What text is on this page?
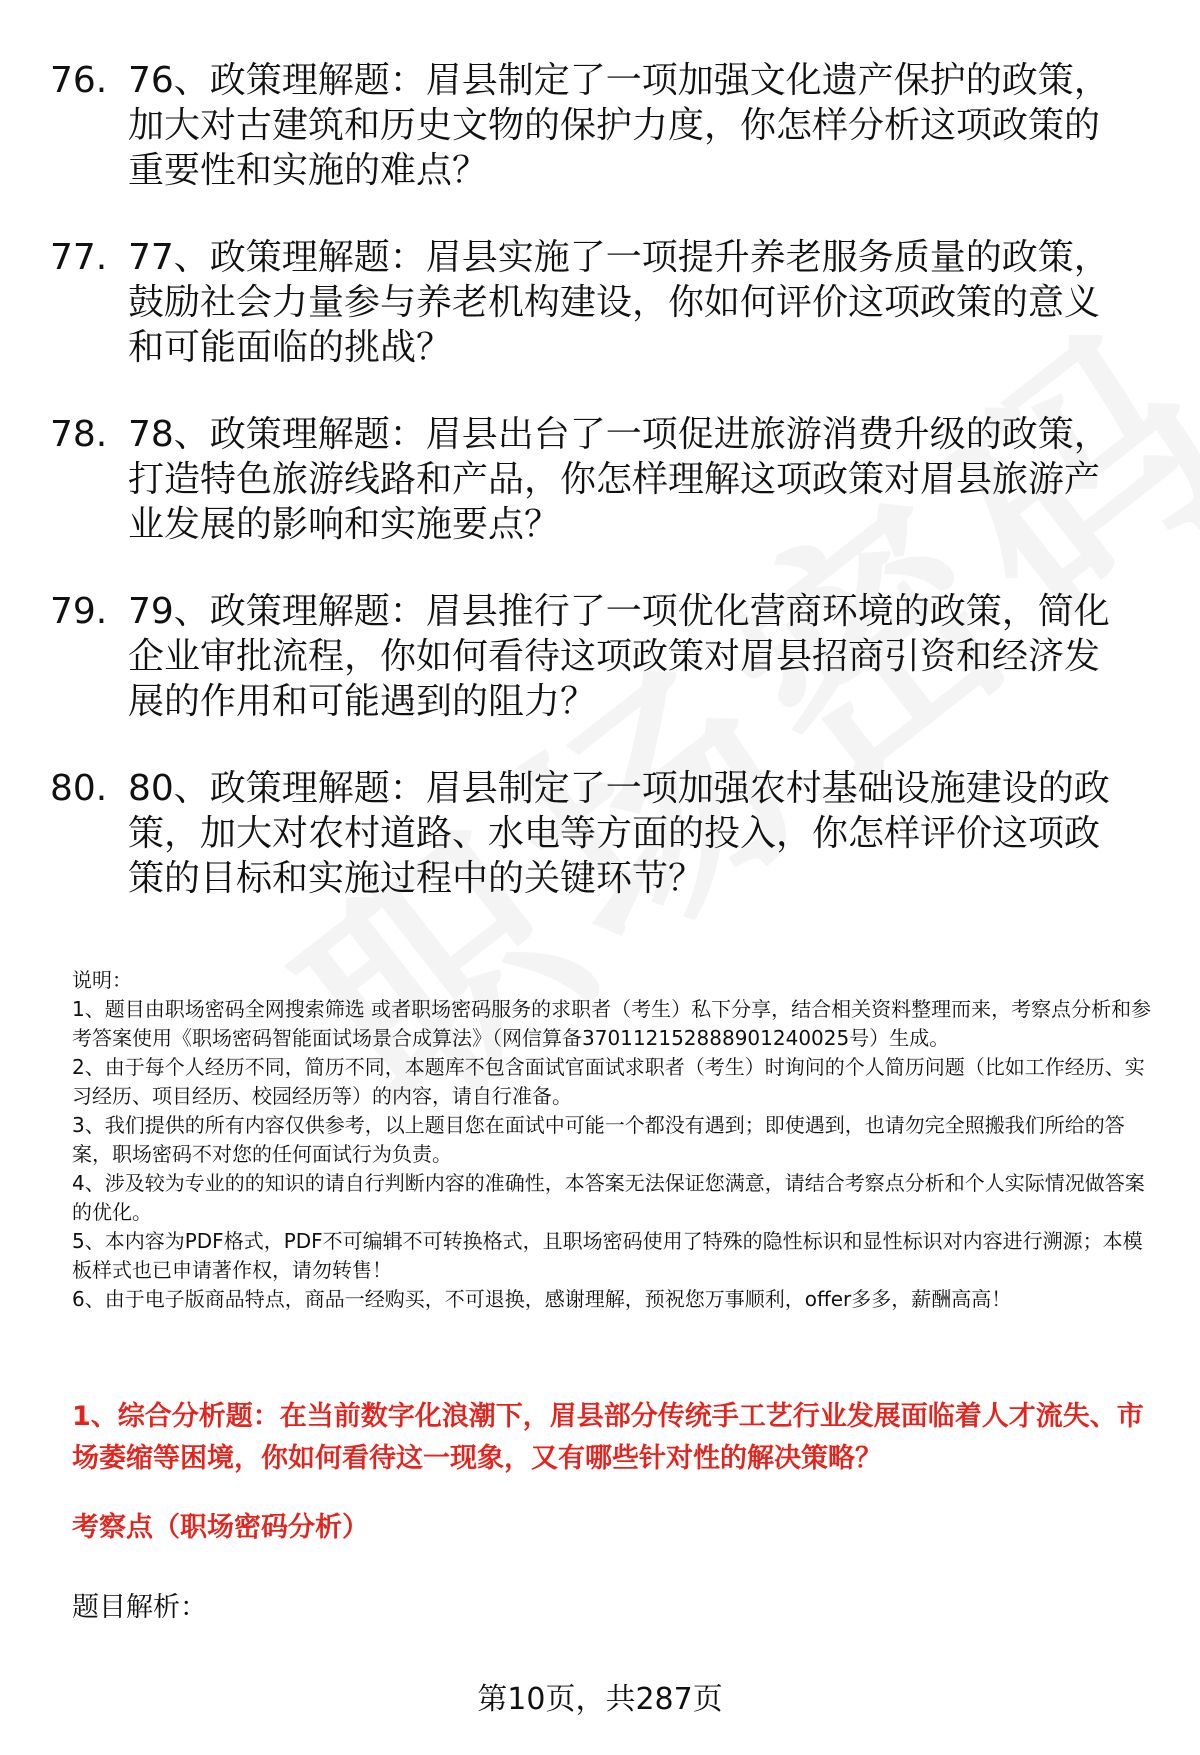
76. 76、政策理解题：眉县制定了一项加强文化遗产保护的政策，加大对古建筑和历史文物的保护力度，你怎样分析这项政策的重要性和实施的难点？
77. 77、政策理解题：眉县实施了一项提升养老服务质量的政策，鼓励社会力量参与养老机构建设，你如何评价这项政策的意义和可能面临的挑战？
78. 78、政策理解题：眉县出台了一项促进旅游消费升级的政策，打造特色旅游线路和产品，你怎样理解这项政策对眉县旅游产业发展的影响和实施要点？
79. 79、政策理解题：眉县推行了一项优化营商环境的政策，简化企业审批流程，你如何看待这项政策对眉县招商引资和经济发展的作用和可能遇到的阻力？
80. 80、政策理解题：眉县制定了一项加强农村基础设施建设的政策，加大对农村道路、水电等方面的投入，你怎样评价这项政策的目标和实施过程中的关键环节？

说明：

1、题目由职场密码全网搜索筛选 或者职场密码服务的求职者（考生）私下分享，结合相关资料整理而来，考察点分析和参考答案使用《职场密码智能面试场景合成算法》（网信算备370112152888901240025号）生成。

2、由于每个人经历不同，简历不同，本题库不包含面试官面试求职者（考生）时询问的个人简历问题（比如工作经历、实习经历、项目经历、校园经历等）的内容，请自行准备。

3、我们提供的所有内容仅供参考，以上题目您在面试中可能一个都没有遇到；即使遇到，也请勿完全照搬我们所给的答案，职场密码不对您的任何面试行为负责。

4、涉及较为专业的的知识的请自行判断内容的准确性，本答案无法保证您满意，请结合考察点分析和个人实际情况做答案的优化。

5、本内容为PDF格式，PDF不可编辑不可转换格式，且职场密码使用了特殊的隐性标识和显性标识对内容进行溯源；本模板样式也已申请著作权，请勿转售！

6、由于电子版商品特点，商品一经购买，不可退换，感谢理解，预祝您万事顺利，offer多多，薪酬高高！

1、综合分析题：在当前数字化浪潮下，眉县部分传统手工艺行业发展面临着人才流失、市场萎缩等困境，你如何看待这一现象，又有哪些针对性的解决策略？
考察点（职场密码分析）
题目解析：
第10页，共287页
